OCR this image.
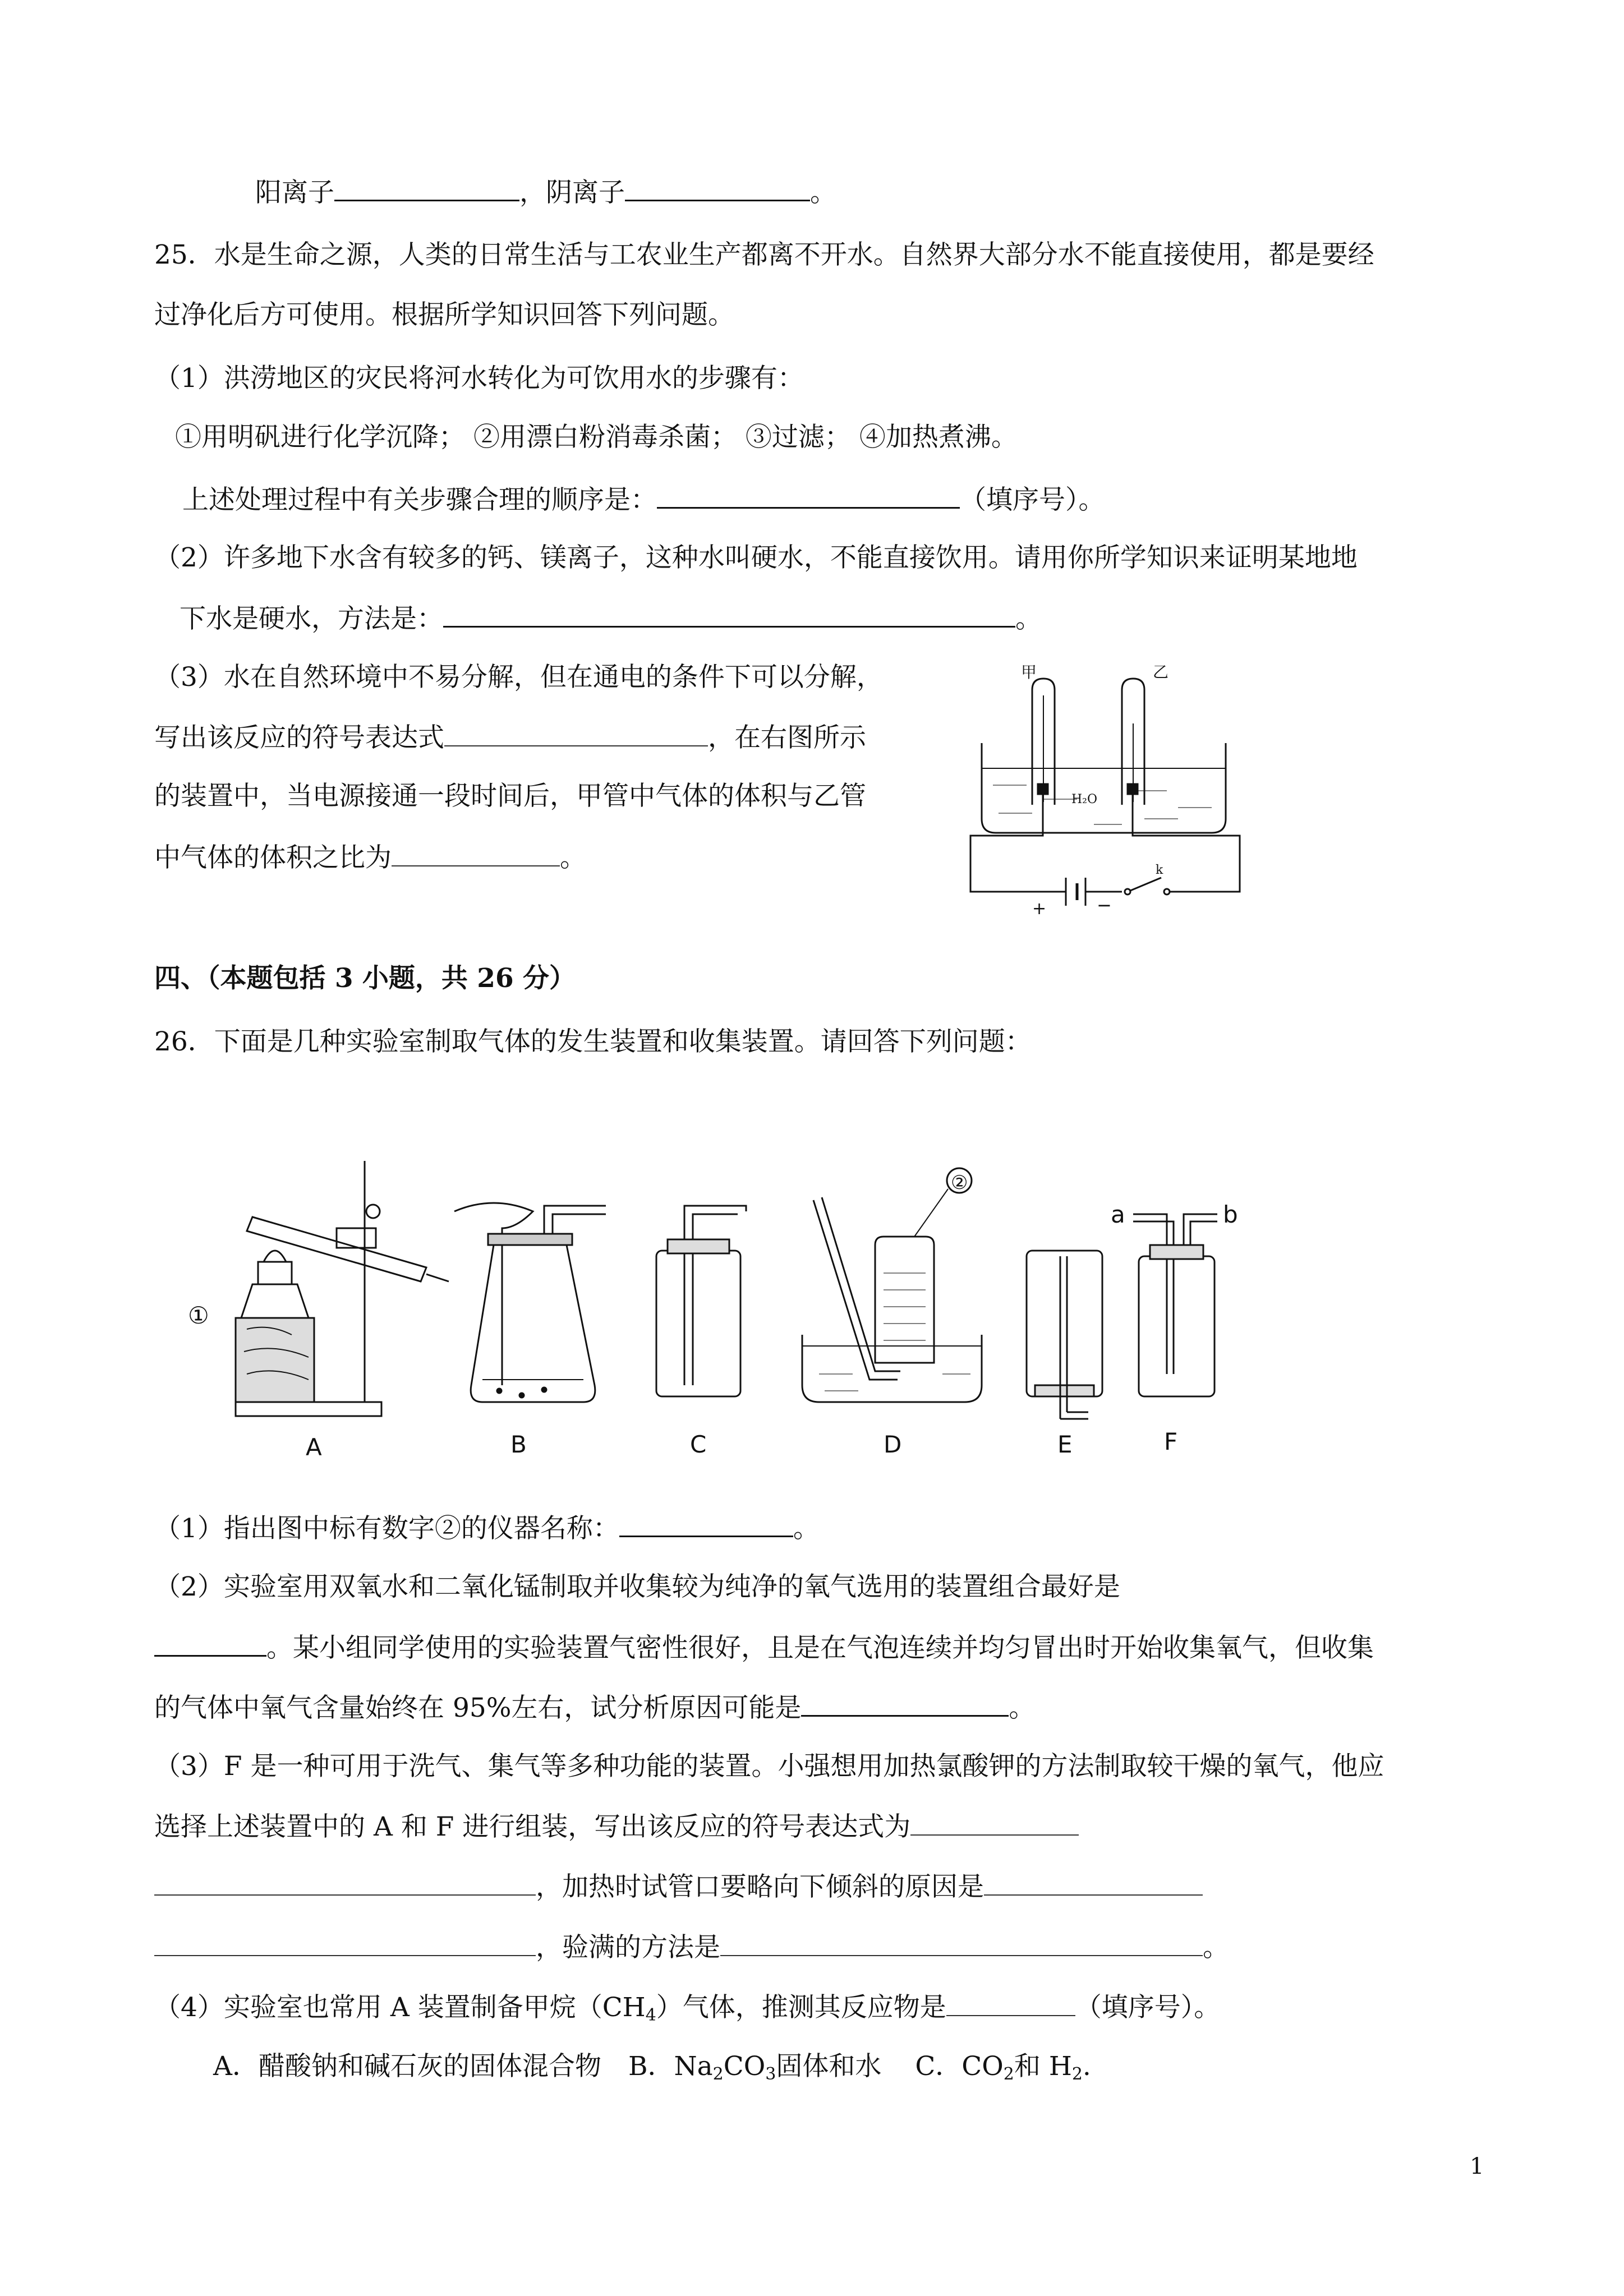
阳离子	，阴离子	。
25．水是生命之源，人类的日常生活与工农业生产都离不开水。自然界大部分水不能直接使用，都是要经
过净化后方可使用。根据所学知识回答下列问题。
（1）洪涝地区的灾民将河水转化为可饮用水的步骤有：
①用明矾进行化学沉降； ②用漂白粉消毒杀菌； ③过滤； ④加热煮沸。
上述处理过程中有关步骤合理的顺序是：	（填序号）。
（2）许多地下水含有较多的钙、镁离子，这种水叫硬水，不能直接饮用。请用你所学知识来证明某地地
下水是硬水，方法是：	。
（3）水在自然环境中不易分解，但在通电的条件下可以分解，
写出该反应的符号表达式	，在右图所示
的装置中，当电源接通一段时间后，甲管中气体的体积与乙管
中气体的体积之比为	。
甲	乙
H₂O
+	−
k
四、（本题包括 3 小题，共 26 分）
26．下面是几种实验室制取气体的发生装置和收集装置。请回答下列问题：
①
②
a	b
A	B	C	D	E	F
（1）指出图中标有数字②的仪器名称：	。
（2）实验室用双氧水和二氧化锰制取并收集较为纯净的氧气选用的装置组合最好是
。某小组同学使用的实验装置气密性很好，且是在气泡连续并均匀冒出时开始收集氧气，但收集
的气体中氧气含量始终在 95%左右，试分析原因可能是	。
（3）F 是一种可用于洗气、集气等多种功能的装置。小强想用加热氯酸钾的方法制取较干燥的氧气，他应
选择上述装置中的 A 和 F 进行组装，写出该反应的符号表达式为
，加热时试管口要略向下倾斜的原因是
，验满的方法是	。
（4）实验室也常用 A 装置制备甲烷$(CH_4)$气体，推测其反应物是	（填序号）。
A．醋酸钠和碱石灰的固体混合物 B．$Na_2CO_3$固体和水 C．$CO_2$和 $H_2$.
1
